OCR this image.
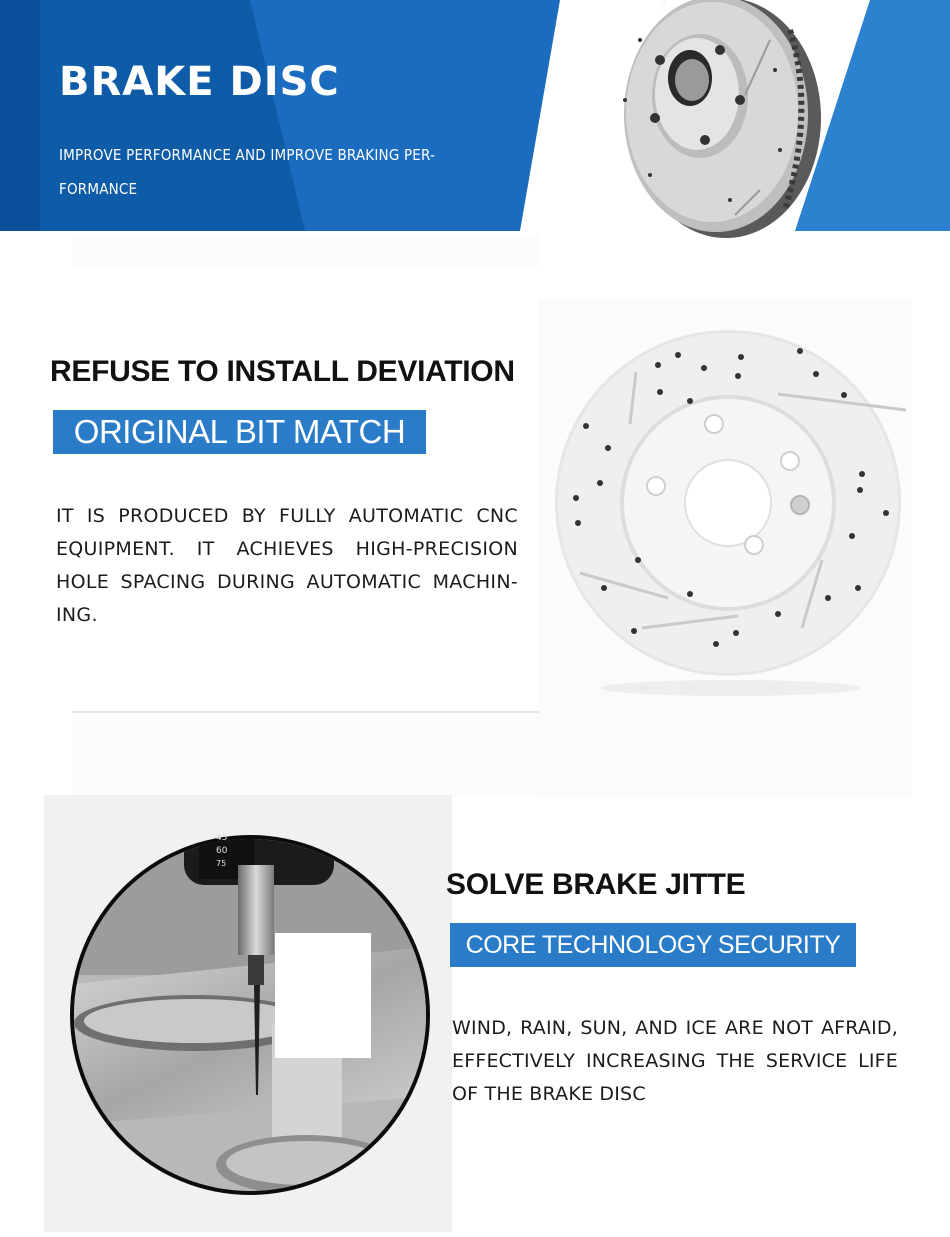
BRAKE DISC

IMPROVE PERFORMANCE AND IMPROVE BRAKING PER-FORMANCE

REFUSE TO INSTALL DEVIATION
ORIGINAL BIT MATCH

IT IS PRODUCED BY FULLY AUTOMATIC CNC EQUIPMENT. IT ACHIEVES HIGH-PRECISION HOLE SPACING DURING AUTOMATIC MACHIN-ING.

45
60
75
SOLVE BRAKE JITTE
CORE TECHNOLOGY SECURITY

WIND, RAIN, SUN, AND ICE ARE NOT AFRAID, EFFECTIVELY INCREASING THE SERVICE LIFE OF THE BRAKE DISC
